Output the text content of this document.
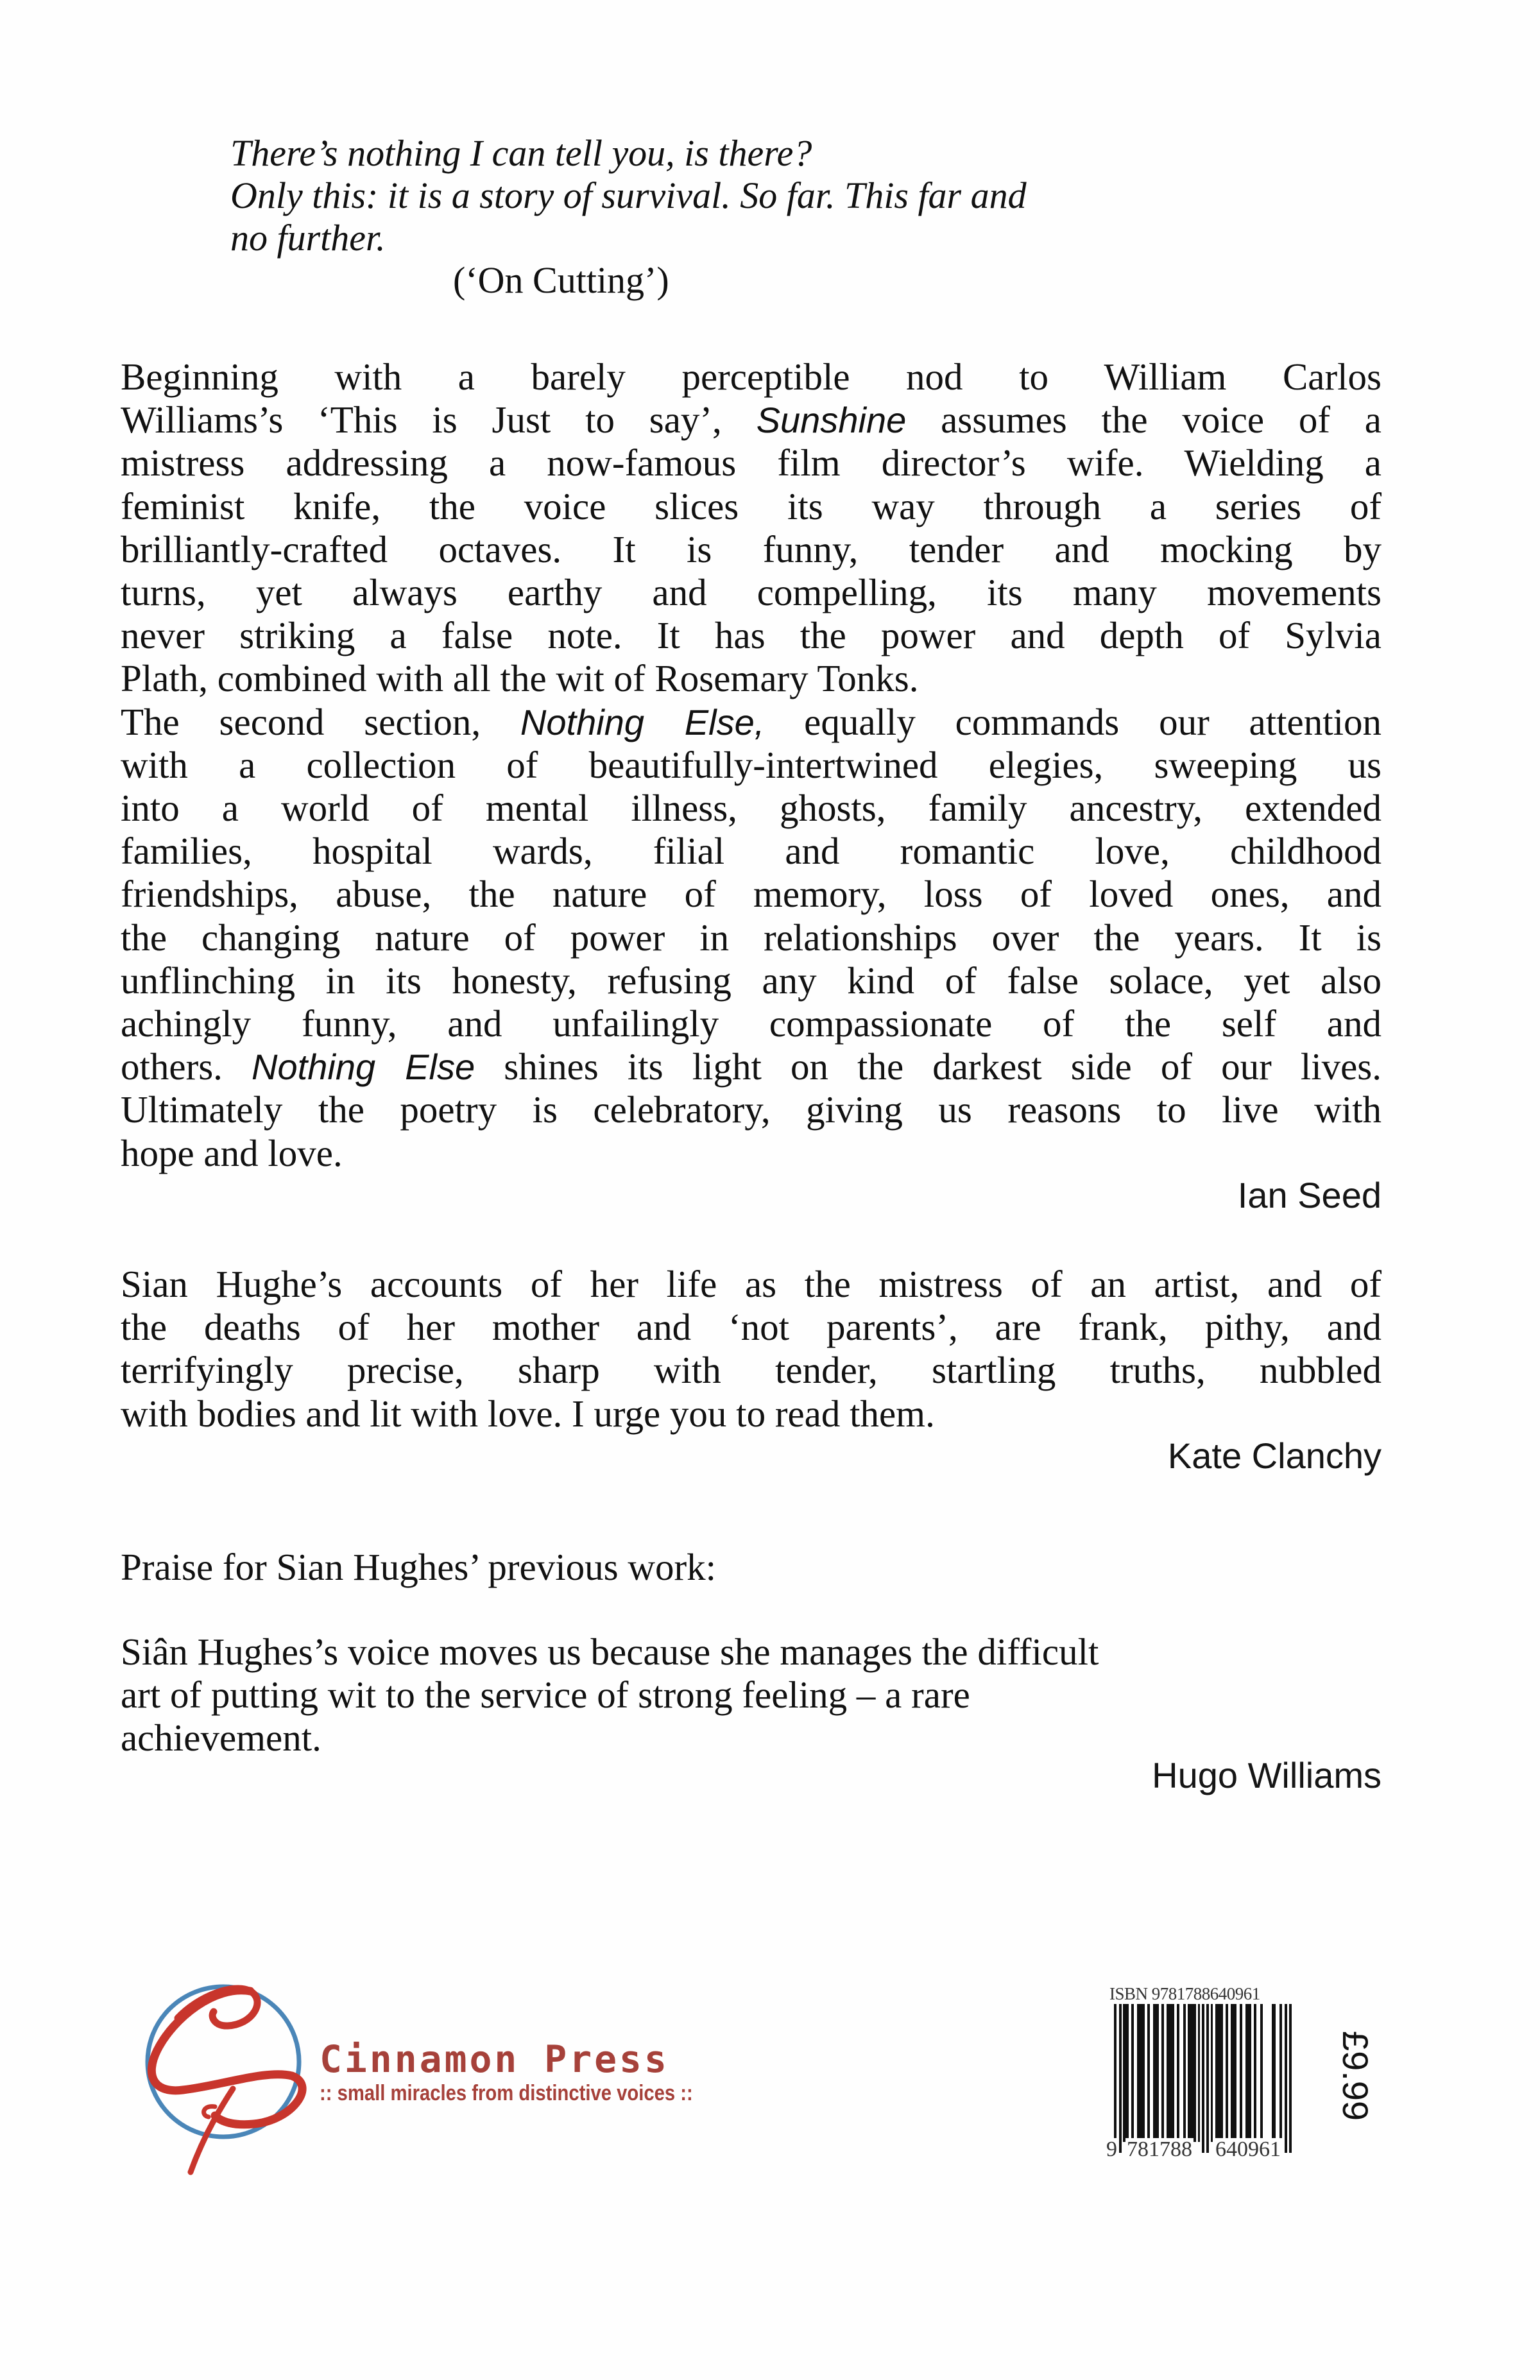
There’s nothing I can tell you, is there?
Only this: it is a story of survival. So far. This far and
no further.
(‘On Cutting’)
Beginning with a barely perceptible nod to William Carlos
Williams’s ‘This is Just to say’, Sunshine assumes the voice of a
mistress addressing a now-famous film director’s wife. Wielding a
feminist knife, the voice slices its way through a series of
brilliantly-crafted octaves. It is funny, tender and mocking by
turns, yet always earthy and compelling, its many movements
never striking a false note. It has the power and depth of Sylvia
Plath, combined with all the wit of Rosemary Tonks.
The second section, Nothing Else, equally commands our attention
with a collection of beautifully-intertwined elegies, sweeping us
into a world of mental illness, ghosts, family ancestry, extended
families, hospital wards, filial and romantic love, childhood
friendships, abuse, the nature of memory, loss of loved ones, and
the changing nature of power in relationships over the years. It is
unflinching in its honesty, refusing any kind of false solace, yet also
achingly funny, and unfailingly compassionate of the self and
others. Nothing Else shines its light on the darkest side of our lives.
Ultimately the poetry is celebratory, giving us reasons to live with
hope and love.
Ian Seed
Sian Hughe’s accounts of her life as the mistress of an artist, and of
the deaths of her mother and ‘not parents’, are frank, pithy, and
terrifyingly precise, sharp with tender, startling truths, nubbled
with bodies and lit with love. I urge you to read them.
Kate Clanchy
Praise for Sian Hughes’ previous work:
Siân Hughes’s voice moves us because she manages the difficult
art of putting wit to the service of strong feeling – a rare
achievement.
Hugo Williams
Cinnamon Press
:: small miracles from distinctive voices ::
ISBN 9781788640961
9 781788 640961
£9.99
